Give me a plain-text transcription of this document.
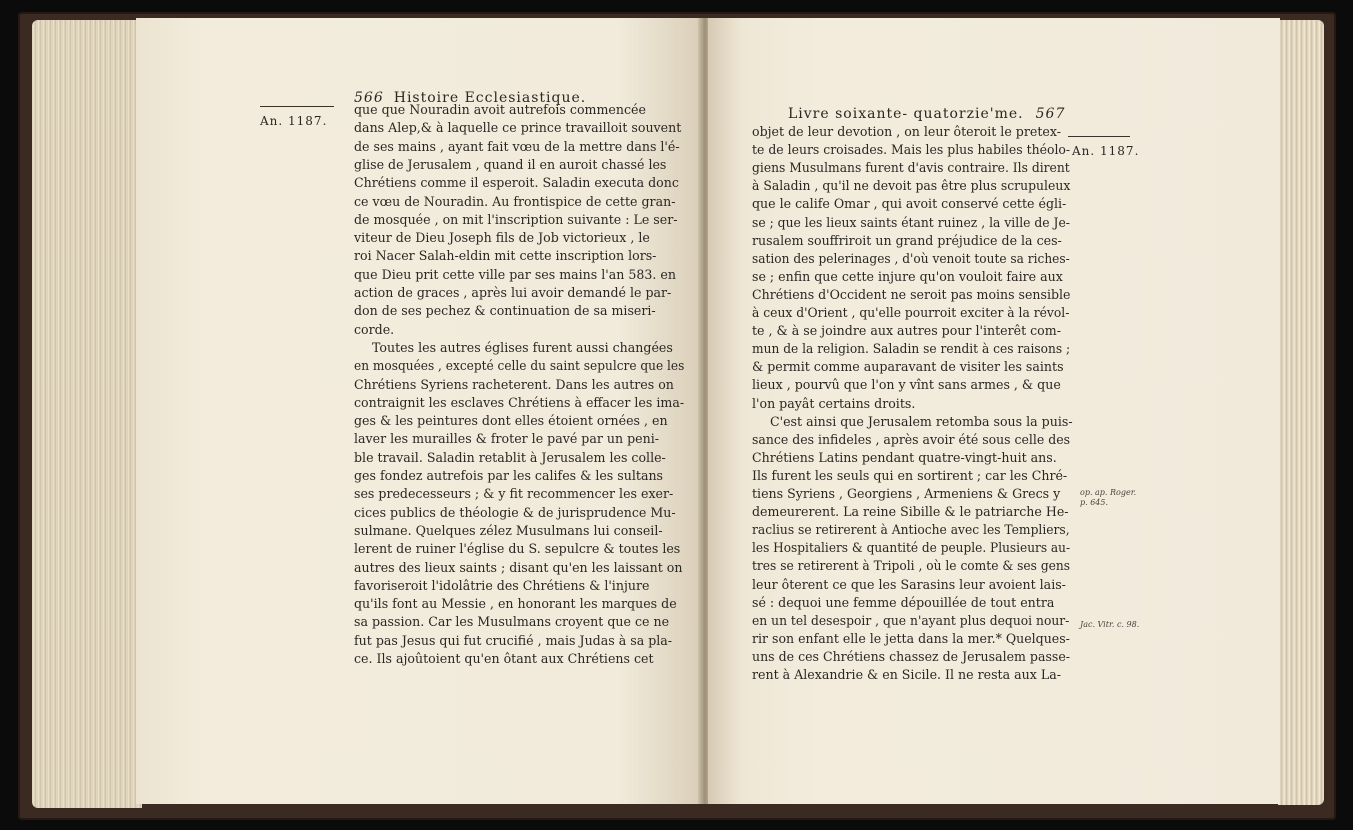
566 Histoire Ecclesiastique.
An. 1187.
que que Nouradin avoit autrefois commencée
dans Alep,& à laquelle ce prince travailloit souvent
de ses mains , ayant fait vœu de la mettre dans l'é-
glise de Jerusalem , quand il en auroit chassé les
Chrétiens comme il esperoit. Saladin executa donc
ce vœu de Nouradin. Au frontispice de cette gran-
de mosquée , on mit l'inscription suivante : Le ser-
viteur de Dieu Joseph fils de Job victorieux , le
roi Nacer Salah-eldin mit cette inscription lors-
que Dieu prit cette ville par ses mains l'an 583. en
action de graces , après lui avoir demandé le par-
don de ses pechez & continuation de sa miseri-
corde.
Toutes les autres églises furent aussi changées
en mosquées , excepté celle du saint sepulcre que les
Chrétiens Syriens racheterent. Dans les autres on
contraignit les esclaves Chrétiens à effacer les ima-
ges & les peintures dont elles étoient ornées , en
laver les murailles & froter le pavé par un peni-
ble travail. Saladin retablit à Jerusalem les colle-
ges fondez autrefois par les califes & les sultans
ses predecesseurs ; & y fit recommencer les exer-
cices publics de théologie & de jurisprudence Mu-
sulmane. Quelques zélez Musulmans lui conseil-
lerent de ruiner l'église du S. sepulcre & toutes les
autres des lieux saints ; disant qu'en les laissant on
favoriseroit l'idolâtrie des Chrétiens & l'injure
qu'ils font au Messie , en honorant les marques de
sa passion. Car les Musulmans croyent que ce ne
fut pas Jesus qui fut crucifié , mais Judas à sa pla-
ce. Ils ajoûtoient qu'en ôtant aux Chrétiens cet
Livre soixante- quatorzie'me. 567
An. 1187.
op. ap. Roger.
p. 645.
Jac. Vitr. c. 98.
objet de leur devotion , on leur ôteroit le pretex-
te de leurs croisades. Mais les plus habiles théolo-
giens Musulmans furent d'avis contraire. Ils dirent
à Saladin , qu'il ne devoit pas être plus scrupuleux
que le calife Omar , qui avoit conservé cette égli-
se ; que les lieux saints étant ruinez , la ville de Je-
rusalem souffriroit un grand préjudice de la ces-
sation des pelerinages , d'où venoit toute sa riches-
se ; enfin que cette injure qu'on vouloit faire aux
Chrétiens d'Occident ne seroit pas moins sensible
à ceux d'Orient , qu'elle pourroit exciter à la révol-
te , & à se joindre aux autres pour l'interêt com-
mun de la religion. Saladin se rendit à ces raisons ;
& permit comme auparavant de visiter les saints
lieux , pourvû que l'on y vînt sans armes , & que
l'on payât certains droits.
C'est ainsi que Jerusalem retomba sous la puis-
sance des infideles , après avoir été sous celle des
Chrétiens Latins pendant quatre-vingt-huit ans.
Ils furent les seuls qui en sortirent ; car les Chré-
tiens Syriens , Georgiens , Armeniens & Grecs y
demeurerent. La reine Sibille & le patriarche He-
raclius se retirerent à Antioche avec les Templiers,
les Hospitaliers & quantité de peuple. Plusieurs au-
tres se retirerent à Tripoli , où le comte & ses gens
leur ôterent ce que les Sarasins leur avoient lais-
sé : dequoi une femme dépouillée de tout entra
en un tel desespoir , que n'ayant plus dequoi nour-
rir son enfant elle le jetta dans la mer.* Quelques-
uns de ces Chrétiens chassez de Jerusalem passe-
rent à Alexandrie & en Sicile. Il ne resta aux La-
